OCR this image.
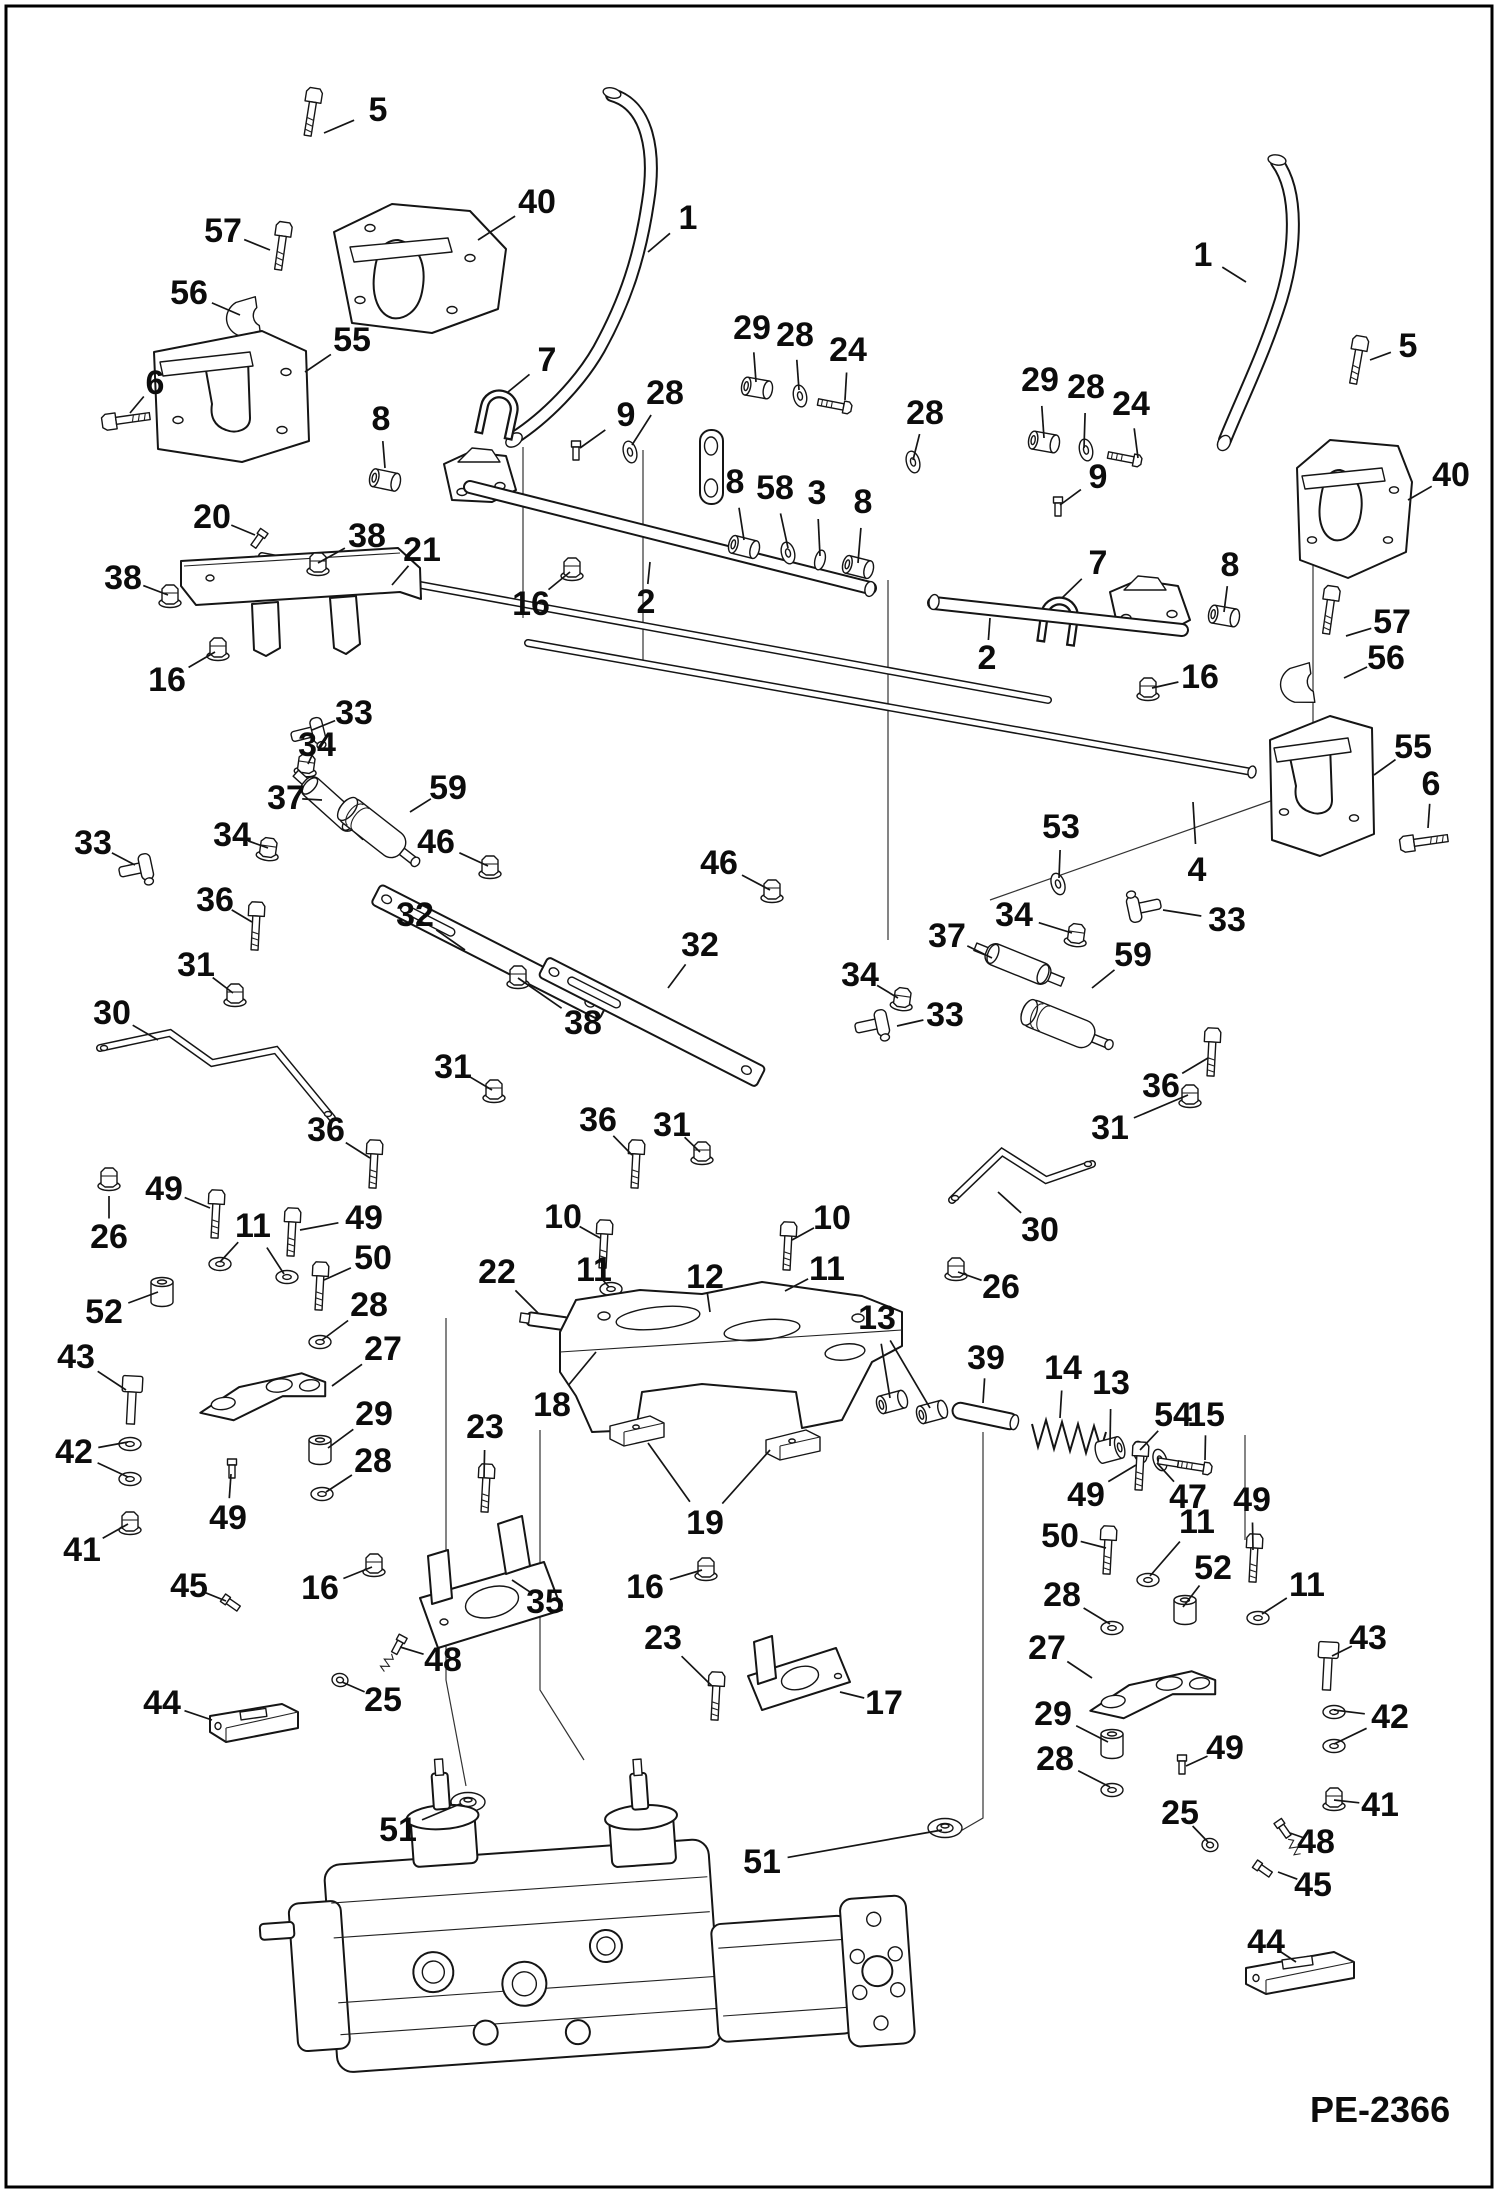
5
57
56
55
6
40	1
7
8
20	38 21
38
16
9
28
16	2
29 28 24
8 58 3 8
28
29 28 24
1
5
40
9
7	8
16
2
57
56
55
6
53
4
34	33
37	59
34
33
46
46
33
34
37	59
34
33
32
32
38
36
31
30
26
36
31
36 31
36
31
30
26
10
11 12
10
11
13
22
18
23
19
39 14 13
54
15
47
49
11 49
50
28
27
52
43
42
29
28
49
41
45	16
48
25
44
51
35 16
23
17
49
50	11
52
49
11
28
27
29
28	49
43
42
41
25
48
45
44
51
PE-2366
